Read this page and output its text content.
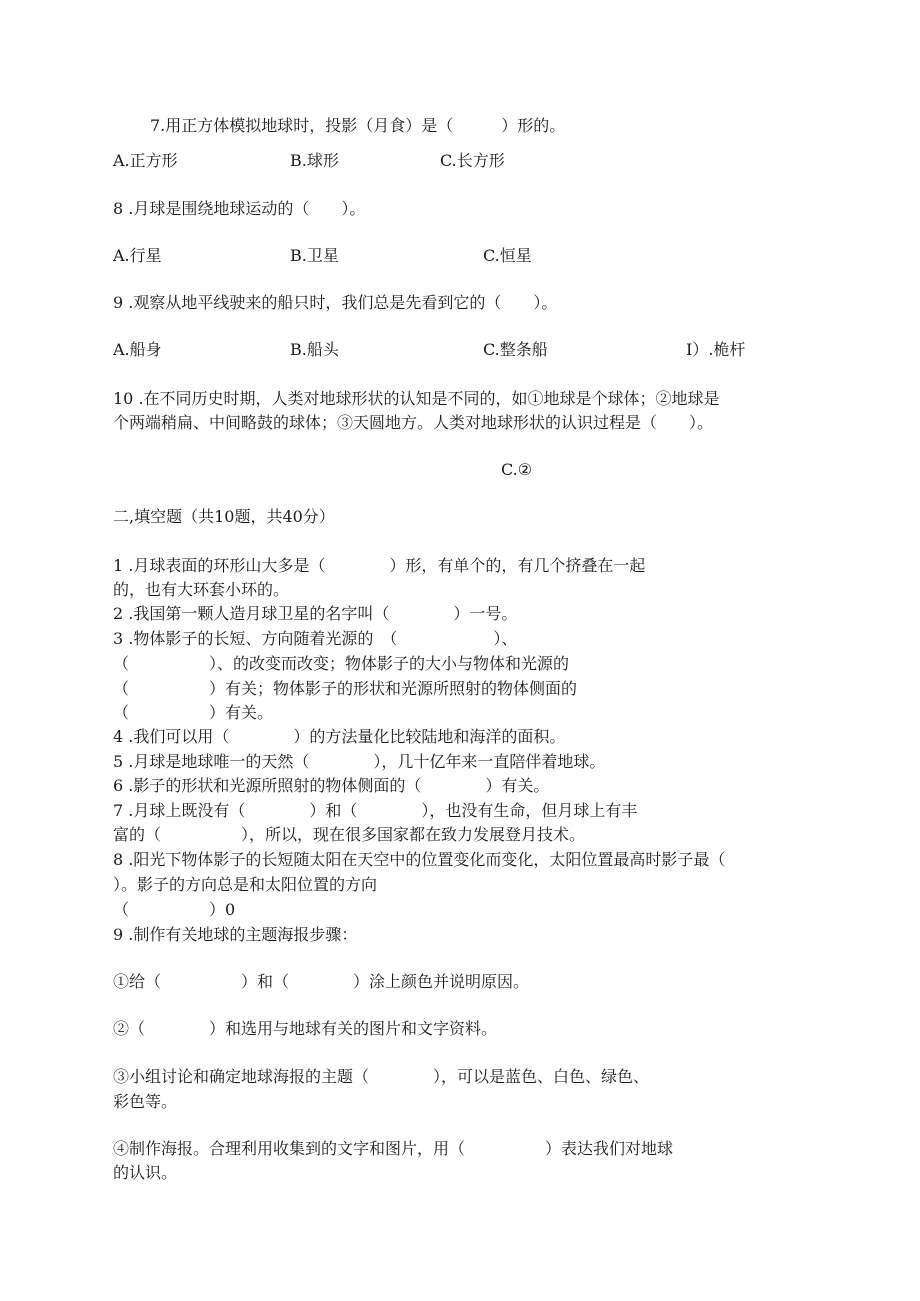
7.用正方体模拟地球时，投影（月食）是（　　　）形的。
A.正方形	B.球形	C.长方形
8 .月球是围绕地球运动的（　　）。
A.行星	B.卫星	C.恒星
9 .观察从地平线驶来的船只时，我们总是先看到它的（　　）。
A.船身	B.船头	C.整条船	I）.桅杆
10 .在不同历史时期，人类对地球形状的认知是不同的，如①地球是个球体；②地球是
个两端稍扁、中间略鼓的球体；③天圆地方。人类对地球形状的认识过程是（　　）。
C.②
二,填空题（共10题，共40分）
1 .月球表面的环形山大多是（　　　　）形，有单个的，有几个挤叠在一起
的，也有大环套小环的。
2 .我国第一颗人造月球卫星的名字叫（　　　　）一号。
3 .物体影子的长短、方向随着光源的　（　　　　　　）、
（　　　　　）、的改变而改变；物体影子的大小与物体和光源的
（　　　　　）有关；物体影子的形状和光源所照射的物体侧面的
（　　　　　）有关。
4 .我们可以用（　　　　）的方法量化比较陆地和海洋的面积。
5 .月球是地球唯一的天然（　　　　），几十亿年来一直陪伴着地球。
6 .影子的形状和光源所照射的物体侧面的（　　　　）有关。
7 .月球上既没有（　　　　）和（　　　　），也没有生命，但月球上有丰
富的（　　　　　），所以，现在很多国家都在致力发展登月技术。
8 .阳光下物体影子的长短随太阳在天空中的位置变化而变化，太阳位置最高时影子最（
）。影子的方向总是和太阳位置的方向
（　　　　　）0
9 .制作有关地球的主题海报步骤：
①给（　　　　　）和（　　　　）涂上颜色并说明原因。
②（　　　　）和选用与地球有关的图片和文字资料。
③小组讨论和确定地球海报的主题（　　　　），可以是蓝色、白色、绿色、
彩色等。
④制作海报。合理利用收集到的文字和图片，用（　　　　　）表达我们对地球
的认识。
